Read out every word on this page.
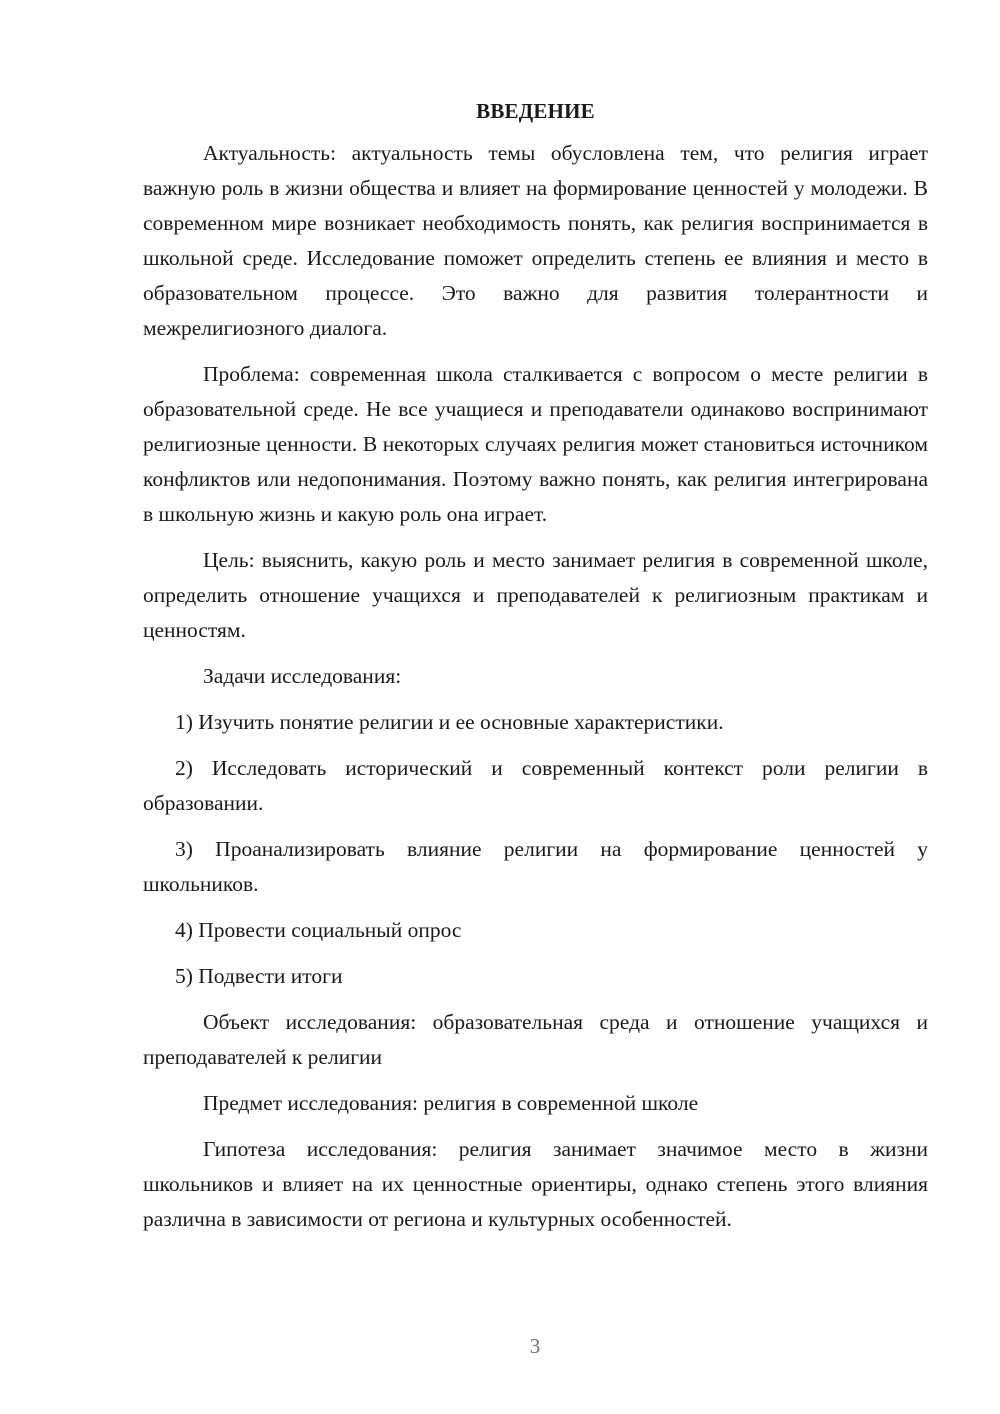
ВВЕДЕНИЕ

Актуальность: актуальность темы обусловлена тем, что религия играет важную роль в жизни общества и влияет на формирование ценностей у молодежи. В современном мире возникает необходимость понять, как религия воспринимается в школьной среде. Исследование поможет определить степень ее влияния и место в образовательном процессе. Это важно для развития толерантности и межрелигиозного диалога.

Проблема: современная школа сталкивается с вопросом о месте религии в образовательной среде. Не все учащиеся и преподаватели одинаково воспринимают религиозные ценности. В некоторых случаях религия может становиться источником конфликтов или недопонимания. Поэтому важно понять, как религия интегрирована в школьную жизнь и какую роль она играет.

Цель: выяснить, какую роль и место занимает религия в современной школе, определить отношение учащихся и преподавателей к религиозным практикам и ценностям.

Задачи исследования:

1) Изучить понятие религии и ее основные характеристики.

2) Исследовать исторический и современный контекст роли религии в образовании.

3) Проанализировать влияние религии на формирование ценностей у школьников.

4) Провести социальный опрос

5) Подвести итоги

Объект исследования: образовательная среда и отношение учащихся и преподавателей к религии

Предмет исследования: религия в современной школе

Гипотеза исследования: религия занимает значимое место в жизни школьников и влияет на их ценностные ориентиры, однако степень этого влияния различна в зависимости от региона и культурных особенностей.

3
